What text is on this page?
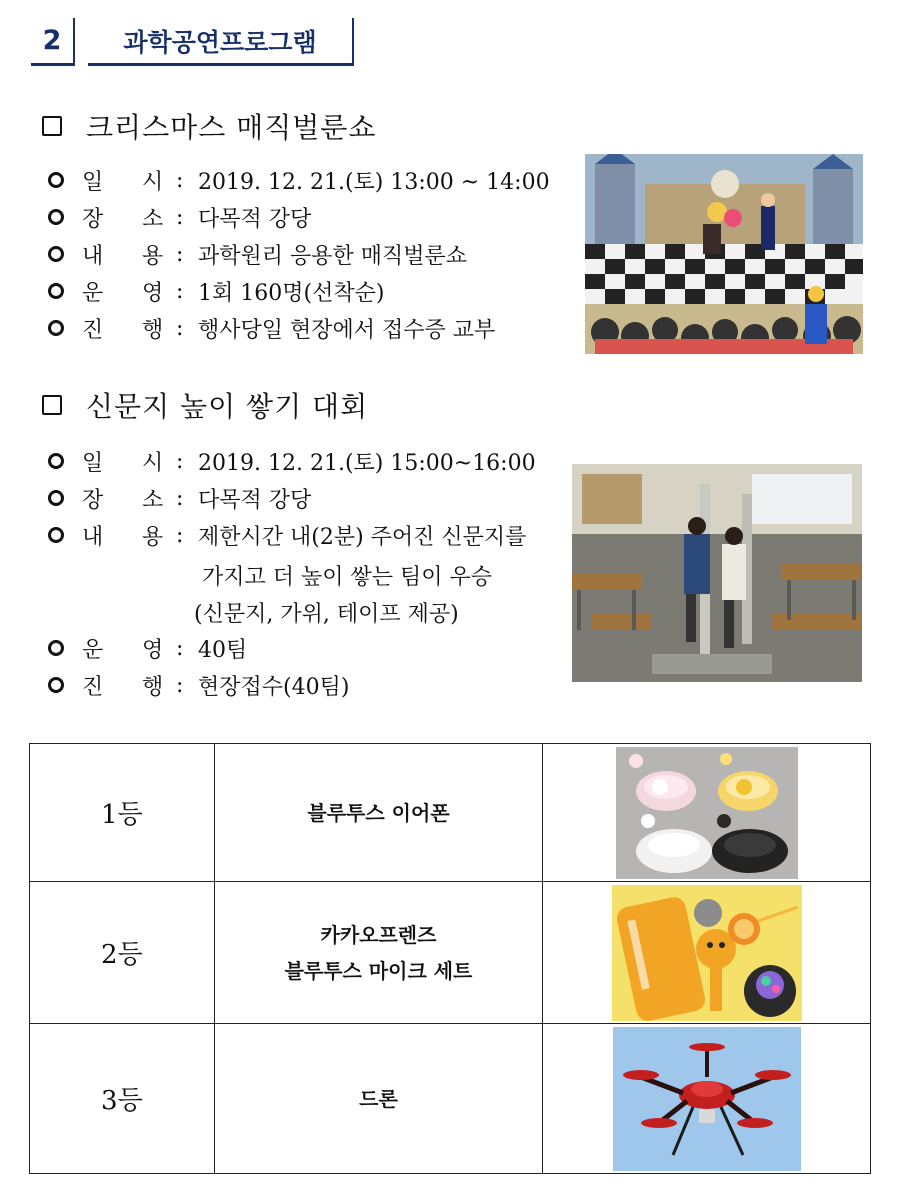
2	과학공연프로그램
크리스마스 매직벌룬쇼
일	시 : 2019. 12. 21.(토) 13:00 ~ 14:00
장	소 : 다목적 강당
내	용 : 과학원리 응용한 매직벌룬쇼
운	영 : 1회 160명(선착순)
진	행 : 행사당일 현장에서 접수증 교부
신문지 높이 쌓기 대회
일	시 : 2019. 12. 21.(토) 15:00~16:00
장	소 : 다목적 강당
내	용 : 제한시간 내(2분) 주어진 신문지를
가지고 더 높이 쌓는 팀이 우승
(신문지, 가위, 테이프 제공)
운	영 : 40팀
진	행 : 현장접수(40팀)
1등	블루투스 이어폰

2등	카카오프렌즈
블루투스 마이크 세트

3등	드론
